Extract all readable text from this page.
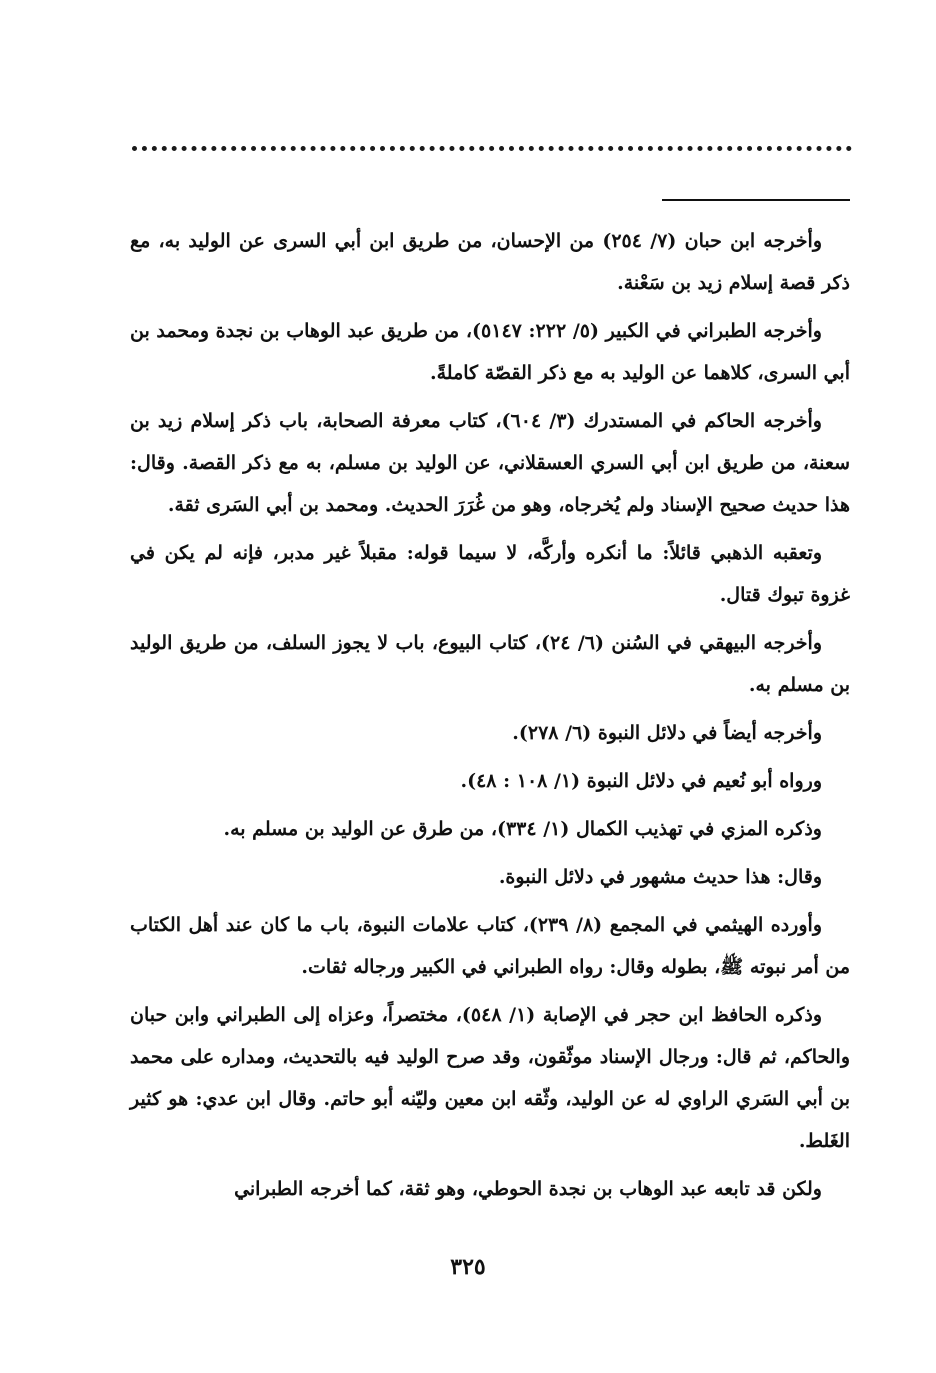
وأخرجه ابن حبان (٧/ ٢٥٤) من الإحسان، من طريق ابن أبي السرى عن الوليد به، مع ذكر قصة إسلام زيد بن سَعْنة.

وأخرجه الطبراني في الكبير (٥/ ٢٢٢: ٥١٤٧)، من طريق عبد الوهاب بن نجدة ومحمد بن أبي السرى، كلاهما عن الوليد به مع ذكر القصّة كاملةً.

وأخرجه الحاكم في المستدرك (٣/ ٦٠٤)، كتاب معرفة الصحابة، باب ذكر إسلام زيد بن سعنة، من طريق ابن أبي السري العسقلاني، عن الوليد بن مسلم، به مع ذكر القصة. وقال: هذا حديث صحيح الإسناد ولم يُخرجاه، وهو من غُرَرَ الحديث. ومحمد بن أبي السَرى ثقة.

وتعقبه الذهبي قائلاً: ما أنكره وأركَّه، لا سيما قوله: مقبلاً غير مدبر، فإنه لم يكن في غزوة تبوك قتال.

وأخرجه البيهقي في السُنن (٦/ ٢٤)، كتاب البيوع، باب لا يجوز السلف، من طريق الوليد بن مسلم به.

وأخرجه أيضاً في دلائل النبوة (٦/ ٢٧٨).

ورواه أبو نُعيم في دلائل النبوة (١/ ١٠٨ : ٤٨).

وذكره المزي في تهذيب الكمال (١/ ٣٣٤)، من طرق عن الوليد بن مسلم به.

وقال: هذا حديث مشهور في دلائل النبوة.

وأورده الهيثمي في المجمع (٨/ ٢٣٩)، كتاب علامات النبوة، باب ما كان عند أهل الكتاب من أمر نبوته ﷺ، بطوله وقال: رواه الطبراني في الكبير ورجاله ثقات.

وذكره الحافظ ابن حجر في الإصابة (١/ ٥٤٨)، مختصراً، وعزاه إلى الطبراني وابن حبان والحاكم، ثم قال: ورجال الإسناد موثّقون، وقد صرح الوليد فيه بالتحديث، ومداره على محمد بن أبي السَري الراوي له عن الوليد، وثّقه ابن معين وليّنه أبو حاتم. وقال ابن عدي: هو كثير الغَلط.

ولكن قد تابعه عبد الوهاب بن نجدة الحوطي، وهو ثقة، كما أخرجه الطبراني

٣٢٥
